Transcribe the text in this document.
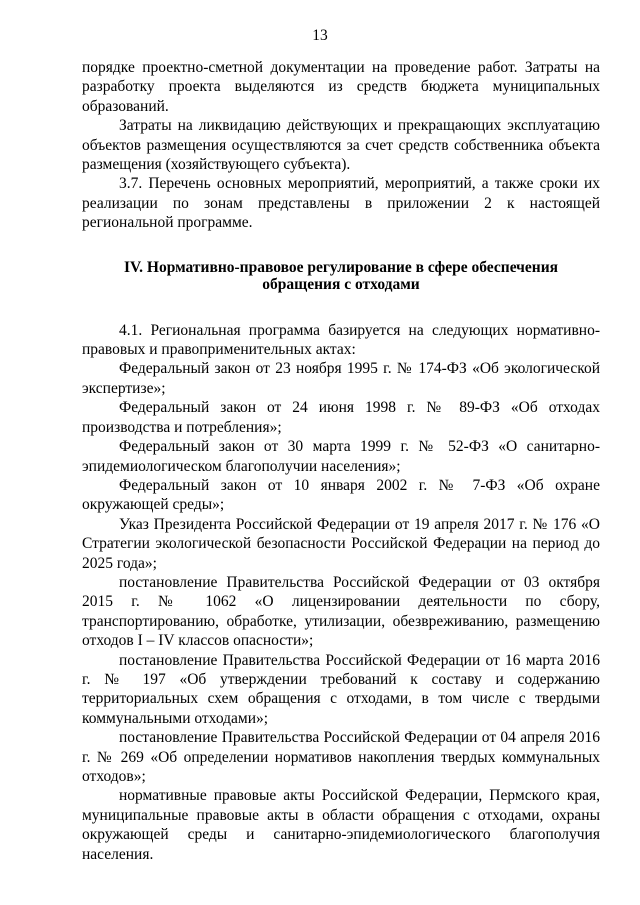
13

порядке проектно-сметной документации на проведение работ. Затраты на разработку проекта выделяются из средств бюджета муниципальных образований.

Затраты на ликвидацию действующих и прекращающих эксплуатацию объектов размещения осуществляются за счет средств собственника объекта размещения (хозяйствующего субъекта).

3.7. Перечень основных мероприятий, мероприятий, а также сроки их реализации по зонам представлены в приложении 2 к настоящей региональной программе.

IV. Нормативно-правовое регулирование в сфере обеспечения
обращения с отходами

4.1. Региональная программа базируется на следующих нормативно-правовых и правоприменительных актах:

Федеральный закон от 23 ноября 1995 г. № 174-ФЗ «Об экологической экспертизе»;

Федеральный закон от 24 июня 1998 г. № 89-ФЗ «Об отходах производства и потребления»;

Федеральный закон от 30 марта 1999 г. № 52-ФЗ «О санитарно-эпидемиологическом благополучии населения»;

Федеральный закон от 10 января 2002 г. № 7-ФЗ «Об охране окружающей среды»;

Указ Президента Российской Федерации от 19 апреля 2017 г. № 176 «О Стратегии экологической безопасности Российской Федерации на период до 2025 года»;

постановление Правительства Российской Федерации от 03 октября 2015 г. № 1062 «О лицензировании деятельности по сбору, транспортированию, обработке, утилизации, обезвреживанию, размещению отходов I – IV классов опасности»;

постановление Правительства Российской Федерации от 16 марта 2016 г. № 197 «Об утверждении требований к составу и содержанию территориальных схем обращения с отходами, в том числе с твердыми коммунальными отходами»;

постановление Правительства Российской Федерации от 04 апреля 2016 г. № 269 «Об определении нормативов накопления твердых коммунальных отходов»;

нормативные правовые акты Российской Федерации, Пермского края, муниципальные правовые акты в области обращения с отходами, охраны окружающей среды и санитарно-эпидемиологического благополучия населения.
